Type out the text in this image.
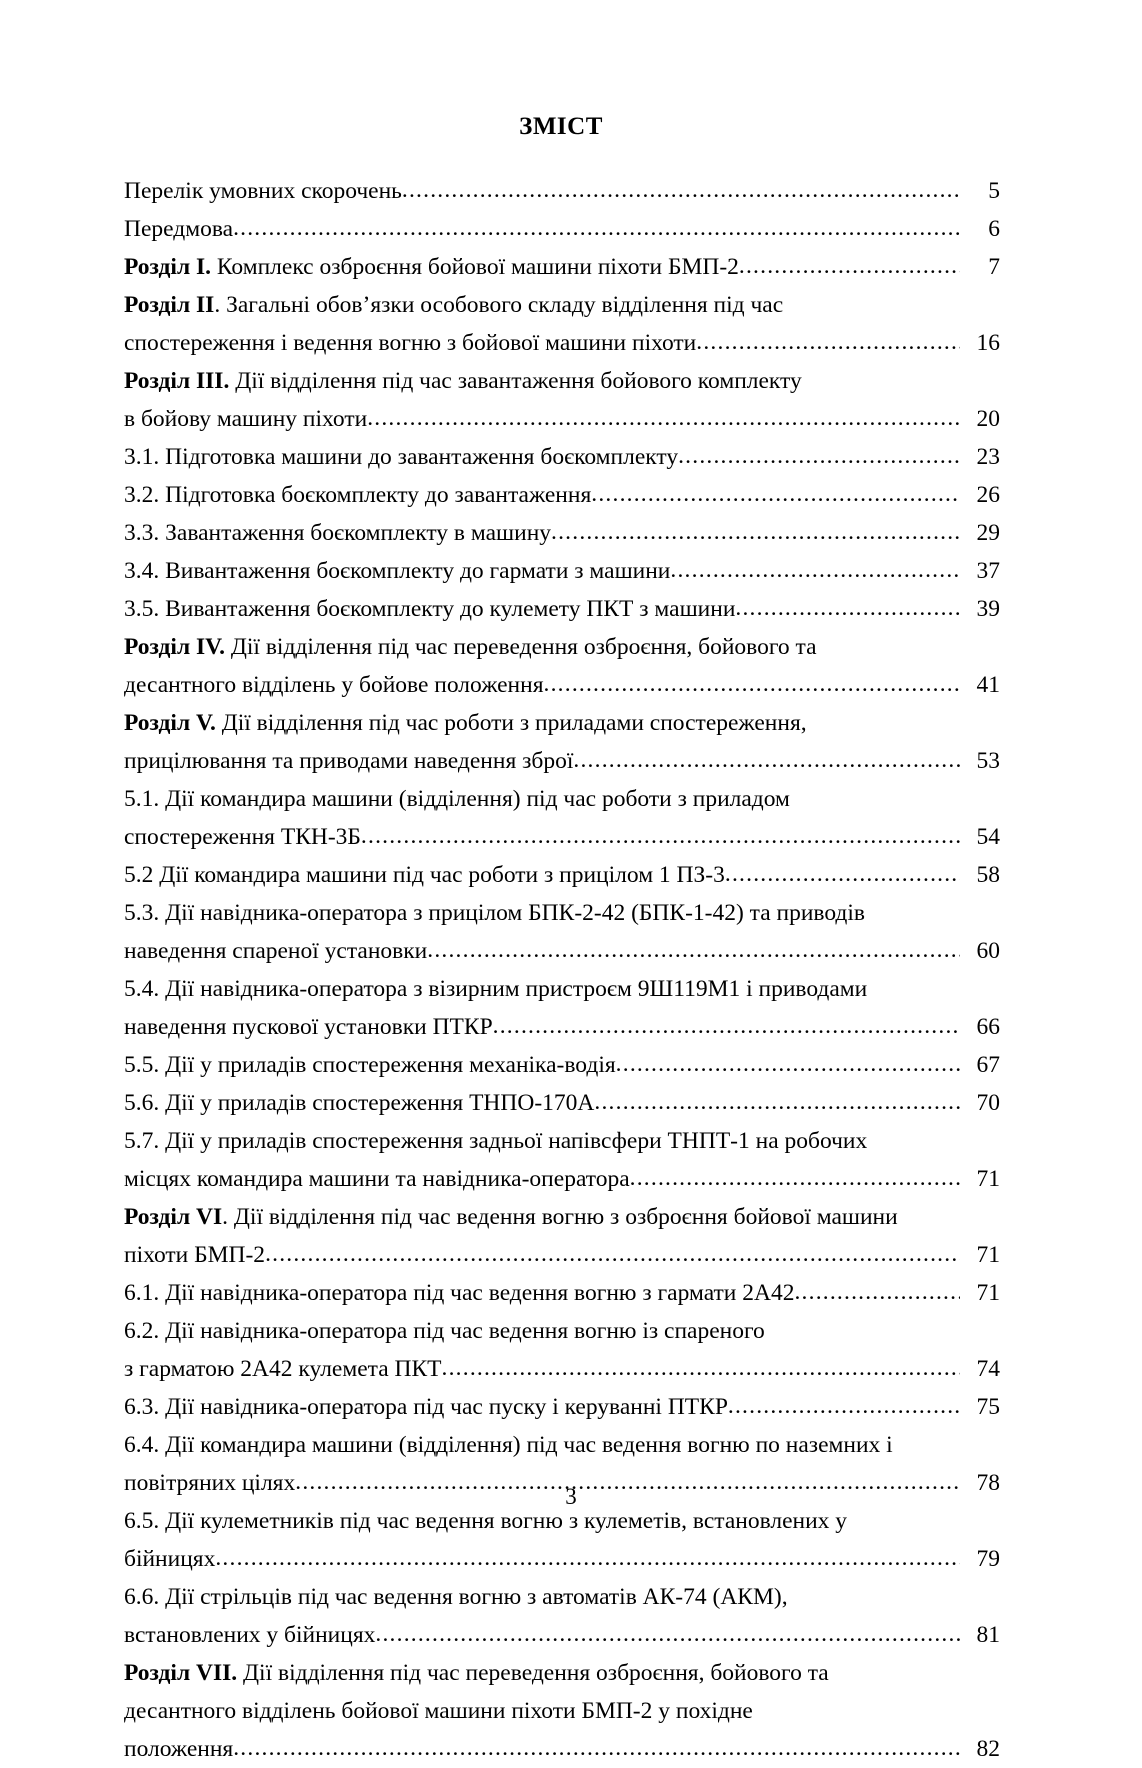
ЗМІСТ
Перелік умовних скорочень .....	5
Передмова .....	6
Розділ I. Комплекс озброєння бойової машини піхоти БМП-2 .....	7
Розділ II. Загальні обов’язки особового складу відділення під час
спостереження і ведення вогню з бойової машини піхоти .....	16
Розділ III. Дії відділення під час завантаження бойового комплекту
в бойову машину піхоти .....	20
3.1. Підготовка машини до завантаження боєкомплекту .....	23
3.2. Підготовка боєкомплекту до завантаження .....	26
3.3. Завантаження боєкомплекту в машину .....	29
3.4. Вивантаження боєкомплекту до гармати з машини .....	37
3.5. Вивантаження боєкомплекту до кулемету ПКТ з машини .....	39
Розділ IV. Дії відділення під час переведення озброєння, бойового та
десантного відділень у бойове положення .....	41
Розділ V. Дії відділення під час роботи з приладами спостереження,
прицілювання та приводами наведення зброї .....	53
5.1. Дії командира машини (відділення) під час роботи з приладом
спостереження ТКН-3Б .....	54
5.2 Дії командира машини під час роботи з прицілом 1 ПЗ-3 .....	58
5.3. Дії навідника-оператора з прицілом БПК-2-42 (БПК-1-42) та приводів
наведення спареної установки .....	60
5.4. Дії навідника-оператора з візирним пристроєм 9Ш119М1 і приводами
наведення пускової установки ПТКР .....	66
5.5. Дії у приладів спостереження механіка-водія .....	67
5.6. Дії у приладів спостереження ТНПО-170А .....	70
5.7. Дії у приладів спостереження задньої напівсфери ТНПТ-1 на робочих
місцях командира машини та навідника-оператора .....	71
Розділ VI. Дії відділення під час ведення вогню з озброєння бойової машини
піхоти БМП-2 .....	71
6.1. Дії навідника-оператора під час ведення вогню з гармати 2А42 .....	71
6.2. Дії навідника-оператора під час ведення вогню із спареного
з гарматою 2А42 кулемета ПКТ .....	74
6.3. Дії навідника-оператора під час пуску і керуванні ПТКР .....	75
6.4. Дії командира машини (відділення) під час ведення вогню по наземних і
повітряних цілях .....	78
6.5. Дії кулеметників під час ведення вогню з кулеметів, встановлених у
бійницях .....	79
6.6. Дії стрільців під час ведення вогню з автоматів АК-74 (АКМ),
встановлених у бійницях .....	81
Розділ VII. Дії відділення під час переведення озброєння, бойового та
десантного відділень бойової машини піхоти БМП-2 у похідне
положення .....	82
3
